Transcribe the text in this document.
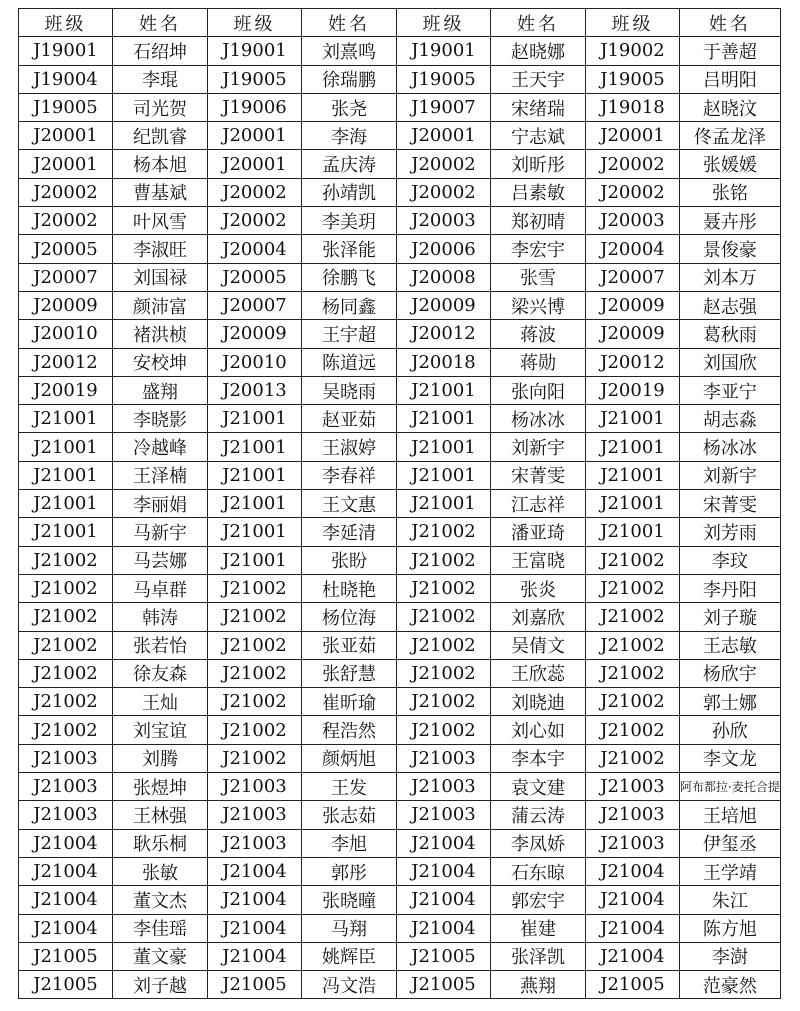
班级	姓名	班级	姓名	班级	姓名	班级	姓名
J19001	石绍坤	J19001	刘熹鸣	J19001	赵晓娜	J19002	于善超
J19004	李琨	J19005	徐瑞鹏	J19005	王天宇	J19005	吕明阳
J19005	司光贺	J19006	张尧	J19007	宋绪瑞	J19018	赵晓汶
J20001	纪凯睿	J20001	李海	J20001	宁志斌	J20001	佟孟龙泽
J20001	杨本旭	J20001	孟庆涛	J20002	刘昕彤	J20002	张媛媛
J20002	曹基斌	J20002	孙靖凯	J20002	吕素敏	J20002	张铭
J20002	叶风雪	J20002	李美玥	J20003	郑初晴	J20003	聂卉彤
J20005	李淑旺	J20004	张泽能	J20006	李宏宇	J20004	景俊豪
J20007	刘国禄	J20005	徐鹏飞	J20008	张雪	J20007	刘本万
J20009	颜沛富	J20007	杨同鑫	J20009	梁兴博	J20009	赵志强
J20010	褚洪桢	J20009	王宇超	J20012	蒋波	J20009	葛秋雨
J20012	安校坤	J20010	陈道远	J20018	蒋勋	J20012	刘国欣
J20019	盛翔	J20013	吴晓雨	J21001	张向阳	J20019	李亚宁
J21001	李晓影	J21001	赵亚茹	J21001	杨冰冰	J21001	胡志淼
J21001	冷越峰	J21001	王淑婷	J21001	刘新宇	J21001	杨冰冰
J21001	王泽楠	J21001	李春祥	J21001	宋菁雯	J21001	刘新宇
J21001	李丽娟	J21001	王文惠	J21001	江志祥	J21001	宋菁雯
J21001	马新宇	J21001	李延清	J21002	潘亚琦	J21001	刘芳雨
J21002	马芸娜	J21001	张盼	J21002	王富晓	J21002	李玟
J21002	马卓群	J21002	杜晓艳	J21002	张炎	J21002	李丹阳
J21002	韩涛	J21002	杨位海	J21002	刘嘉欣	J21002	刘子璇
J21002	张若怡	J21002	张亚茹	J21002	吴倩文	J21002	王志敏
J21002	徐友森	J21002	张舒慧	J21002	王欣蕊	J21002	杨欣宇
J21002	王灿	J21002	崔昕瑜	J21002	刘晓迪	J21002	郭士娜
J21002	刘宝谊	J21002	程浩然	J21002	刘心如	J21002	孙欣
J21003	刘腾	J21002	颜炳旭	J21003	李本宇	J21002	李文龙
J21003	张煜坤	J21003	王发	J21003	袁文建	J21003	阿布都拉·麦托合提
J21003	王林强	J21003	张志茹	J21003	蒲云涛	J21003	王培旭
J21004	耿乐桐	J21003	李旭	J21004	李凤娇	J21003	伊玺丞
J21004	张敏	J21004	郭彤	J21004	石东晾	J21004	王学靖
J21004	董文杰	J21004	张晓曈	J21004	郭宏宇	J21004	朱江
J21004	李佳瑶	J21004	马翔	J21004	崔建	J21004	陈方旭
J21005	董文豪	J21004	姚辉臣	J21005	张泽凯	J21004	李澍
J21005	刘子越	J21005	冯文浩	J21005	燕翔	J21005	范豪然
